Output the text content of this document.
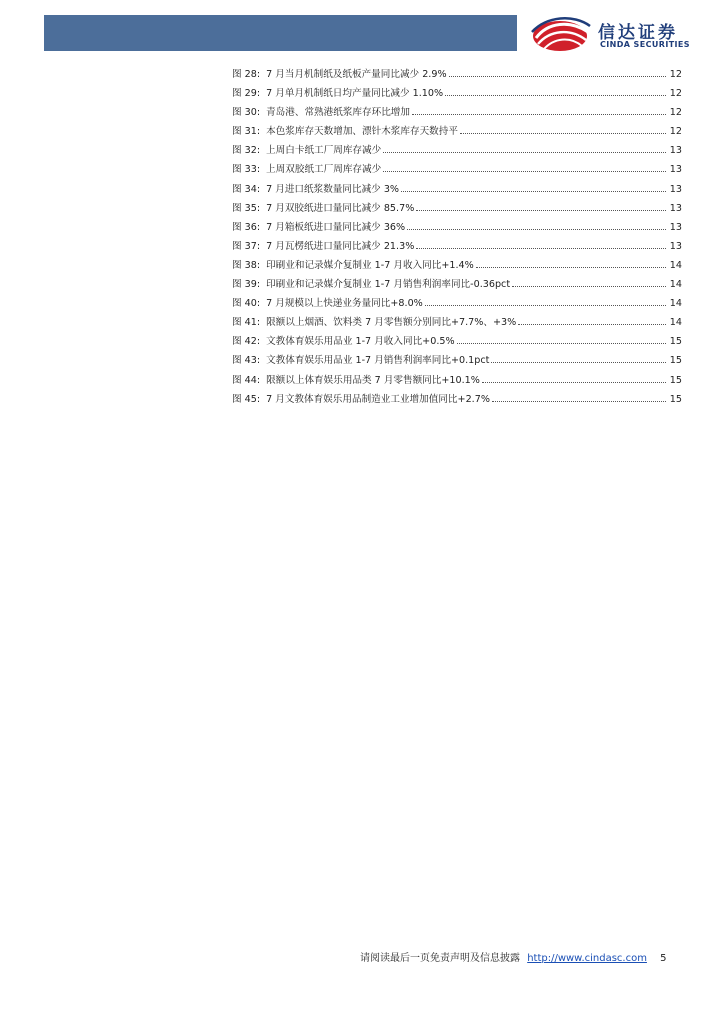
信达证券
CINDA SECURITIES
图 28: 7 月当月机制纸及纸板产量同比减少 2.9%	12
图 29: 7 月单月机制纸日均产量同比减少 1.10%	12
图 30: 青岛港、常熟港纸浆库存环比增加	12
图 31: 本色浆库存天数增加、漂针木浆库存天数持平	12
图 32: 上周白卡纸工厂周库存减少	13
图 33: 上周双胶纸工厂周库存减少	13
图 34: 7 月进口纸浆数量同比减少 3%	13
图 35: 7 月双胶纸进口量同比减少 85.7%	13
图 36: 7 月箱板纸进口量同比减少 36%	13
图 37: 7 月瓦楞纸进口量同比减少 21.3%	13
图 38: 印刷业和记录媒介复制业 1-7 月收入同比+1.4%	14
图 39: 印刷业和记录媒介复制业 1-7 月销售利润率同比-0.36pct	14
图 40: 7 月规模以上快递业务量同比+8.0%	14
图 41: 限额以上烟酒、饮料类 7 月零售额分别同比+7.7%、+3%	14
图 42: 文教体育娱乐用品业 1-7 月收入同比+0.5%	15
图 43: 文教体育娱乐用品业 1-7 月销售利润率同比+0.1pct	15
图 44: 限额以上体育娱乐用品类 7 月零售额同比+10.1%	15
图 45: 7 月文教体育娱乐用品制造业工业增加值同比+2.7%	15
请阅读最后一页免责声明及信息披露 http://www.cindasc.com 5
